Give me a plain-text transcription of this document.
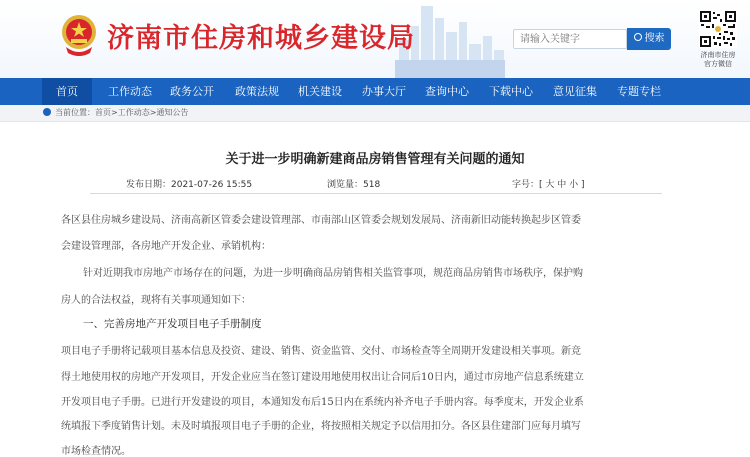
济南市住房和城乡建设局
请输入关键字	搜索
济南市住房
官方微信
首页	工作动态 政务公开 政策法规 机关建设 办事大厅 查询中心 下载中心 意见征集 专题专栏
当前位置：首页>工作动态>通知公告
关于进一步明确新建商品房销售管理有关问题的通知
发布日期：2021-07-26 15:55	浏览量：518	字号：[ 大 中 小 ]
各区县住房城乡建设局、济南高新区管委会建设管理部、市南部山区管委会规划发展局、济南新旧动能转换起步区管委
会建设管理部，各房地产开发企业、承销机构：
针对近期我市房地产市场存在的问题，为进一步明确商品房销售相关监管事项，规范商品房销售市场秩序，保护购
房人的合法权益，现将有关事项通知如下：
一、完善房地产开发项目电子手册制度
项目电子手册将记载项目基本信息及投资、建设、销售、资金监管、交付、市场检查等全周期开发建设相关事项。新竞
得土地使用权的房地产开发项目，开发企业应当在签订建设用地使用权出让合同后10日内，通过市房地产信息系统建立
开发项目电子手册。已进行开发建设的项目，本通知发布后15日内在系统内补齐电子手册内容。每季度末，开发企业系
统填报下季度销售计划。未及时填报项目电子手册的企业，将按照相关规定予以信用扣分。各区县住建部门应每月填写
市场检查情况。
